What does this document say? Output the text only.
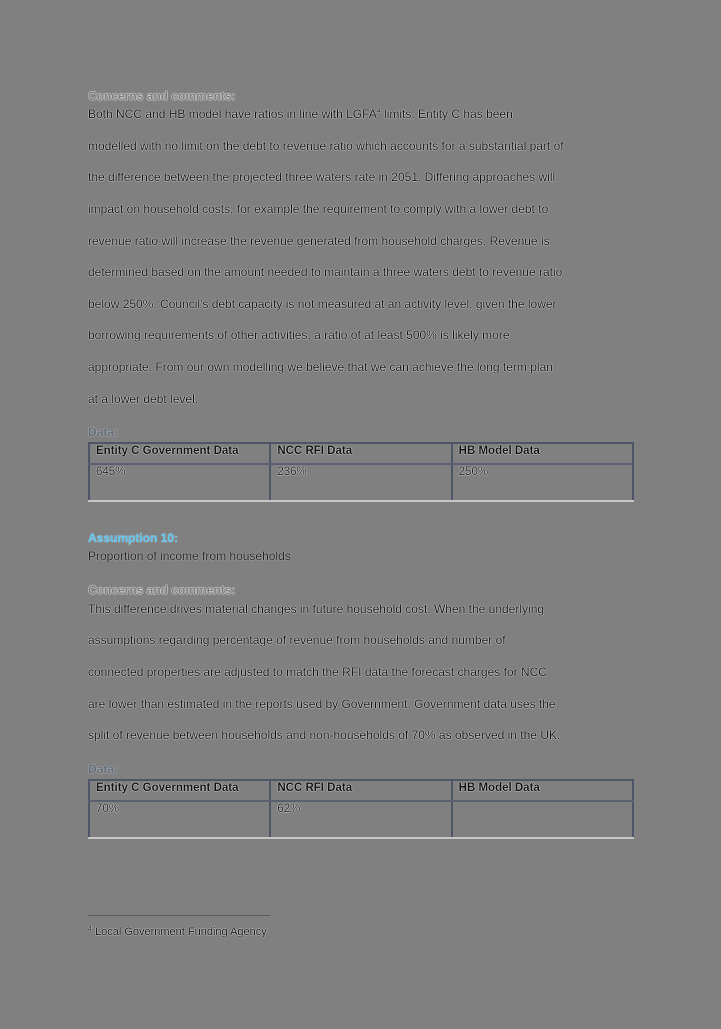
Concerns and comments:
Both NCC and HB model have ratios in line with LGFA$^4$ limits. Entity C has been
modelled with no limit on the debt to revenue ratio which accounts for a substantial part of
the difference between the projected three waters rate in 2051. Differing approaches will
impact on household costs, for example the requirement to comply with a lower debt to
revenue ratio will increase the revenue generated from household charges. Revenue is
determined based on the amount needed to maintain a three waters debt to revenue ratio
below 250%. Council's debt capacity is not measured at an activity level, given the lower
borrowing requirements of other activities, a ratio of at least 500% is likely more
appropriate. From our own modelling we believe that we can achieve the long term plan
at a lower debt level.
Data:
Entity C Government Data	NCC RFI Data	HB Model Data
645%	236%	250%
Assumption 10:
Proportion of income from households
Concerns and comments:
This difference drives material changes in future household cost. When the underlying
assumptions regarding percentage of revenue from households and number of
connected properties are adjusted to match the RFI data the forecast charges for NCC
are lower than estimated in the reports used by Government. Government data uses the
split of revenue between households and non-households of 70% as observed in the UK.
Data:
Entity C Government Data	NCC RFI Data	HB Model Data
70%	62%	
$^4$ Local Government Funding Agency
